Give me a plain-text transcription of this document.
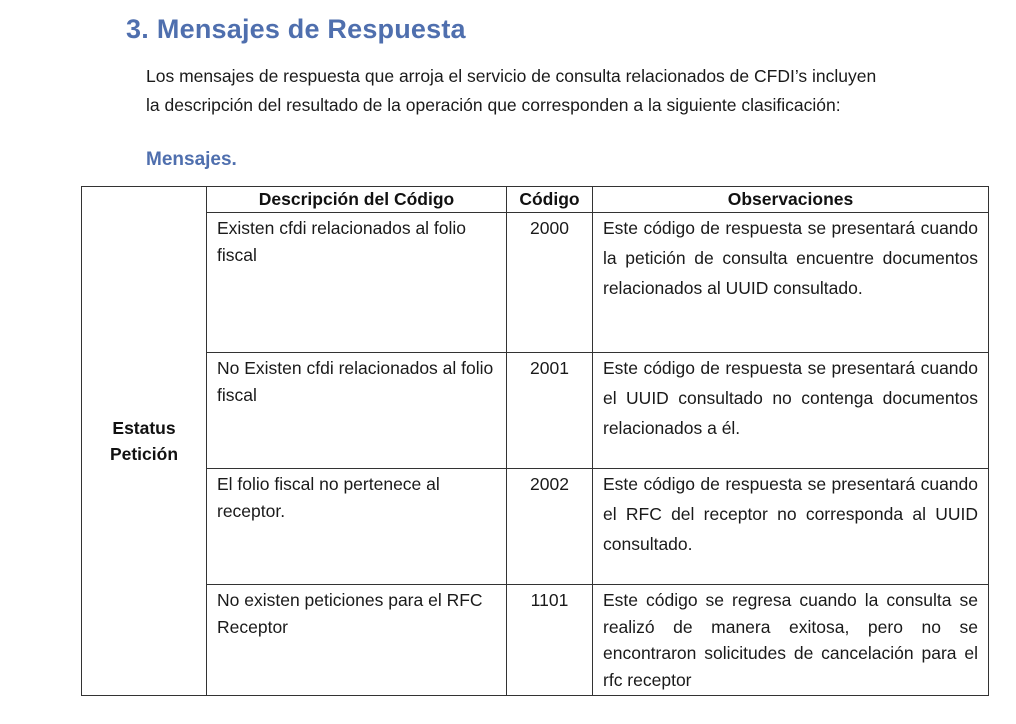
3. Mensajes de Respuesta
Los mensajes de respuesta que arroja el servicio de consulta relacionados de CFDI’s incluyen
la descripción del resultado de la operación que corresponden a la siguiente clasificación:
Mensajes.
Estatus
Petición	Descripción del Código	Código	Observaciones
	Existen cfdi relacionados al folio fiscal	2000	Este código de respuesta se presentará cuando la petición de consulta encuentre documentos relacionados al UUID consultado.
	No Existen cfdi relacionados al folio fiscal	2001	Este código de respuesta se presentará cuando el UUID consultado no contenga documentos relacionados a él.
	El folio fiscal no pertenece al receptor.	2002	Este código de respuesta se presentará cuando el RFC del receptor no corresponda al UUID consultado.
	No existen peticiones para el RFC Receptor	1101	Este código se regresa cuando la consulta se realizó de manera exitosa, pero no se encontraron solicitudes de cancelación para el rfc receptor
